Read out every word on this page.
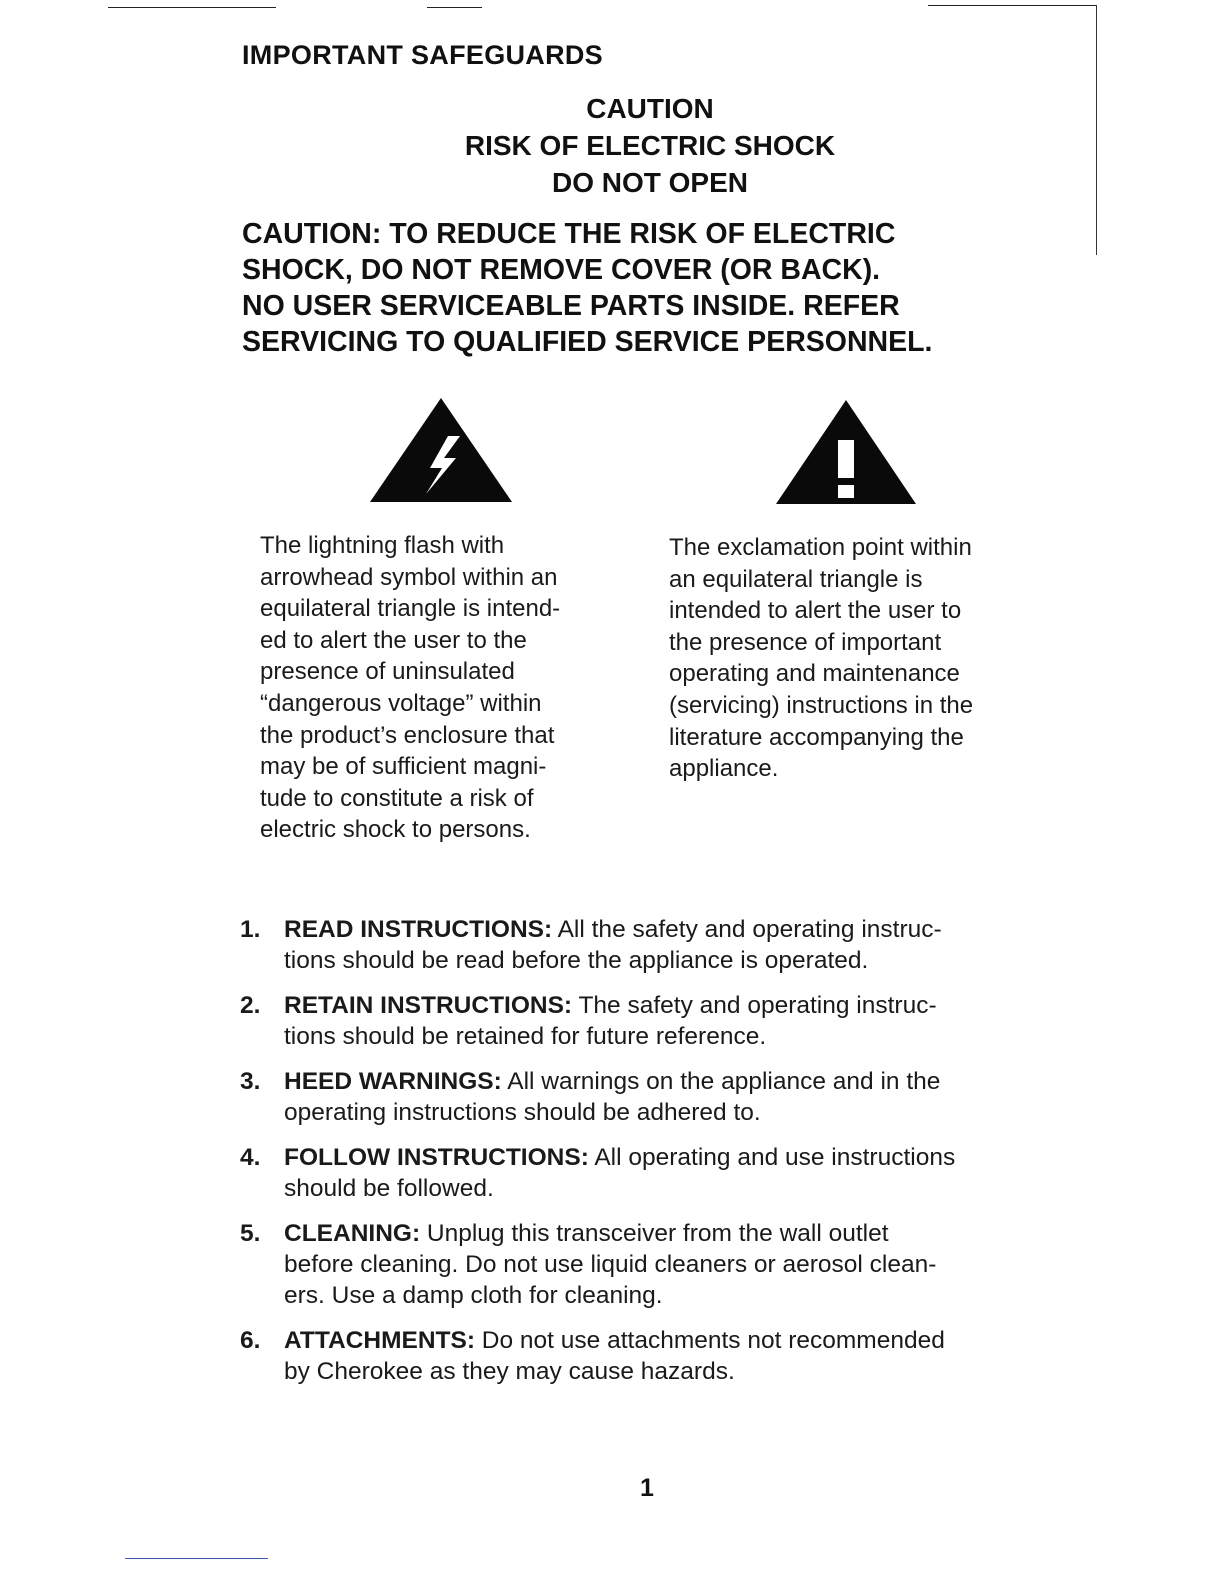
IMPORTANT SAFEGUARDS
CAUTION
RISK OF ELECTRIC SHOCK
DO NOT OPEN
CAUTION: TO REDUCE THE RISK OF ELECTRIC
SHOCK, DO NOT REMOVE COVER (OR BACK).
NO USER SERVICEABLE PARTS INSIDE. REFER
SERVICING TO QUALIFIED SERVICE PERSONNEL.
The lightning flash with
arrowhead symbol within an
equilateral triangle is intend-
ed to alert the user to the
presence of uninsulated
“dangerous voltage” within
the product’s enclosure that
may be of sufficient magni-
tude to constitute a risk of
electric shock to persons.
The exclamation point within
an equilateral triangle is
intended to alert the user to
the presence of important
operating and maintenance
(servicing) instructions in the
literature accompanying the
appliance.
1. READ INSTRUCTIONS: All the safety and operating instruc-
tions should be read before the appliance is operated.
2. RETAIN INSTRUCTIONS: The safety and operating instruc-
tions should be retained for future reference.
3. HEED WARNINGS: All warnings on the appliance and in the
operating instructions should be adhered to.
4. FOLLOW INSTRUCTIONS: All operating and use instructions
should be followed.
5. CLEANING: Unplug this transceiver from the wall outlet
before cleaning. Do not use liquid cleaners or aerosol clean-
ers. Use a damp cloth for cleaning.
6. ATTACHMENTS: Do not use attachments not recommended
by Cherokee as they may cause hazards.
1
